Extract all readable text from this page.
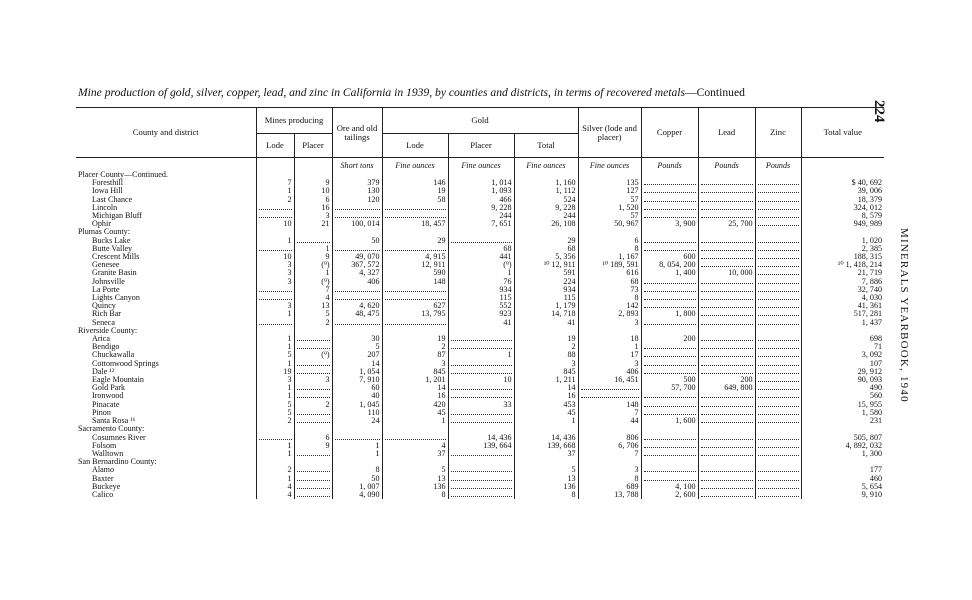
Mine production of gold, silver, copper, lead, and zinc in California in 1939, by counties and districts, in terms of recovered metals—Continued
224
MINERALS YEARBOOK, 1940
County and district	Mines producing		Ore and old tailings	Gold			Silver (lode and placer)	Copper	Lead	Zinc	Total value
	Lode	Placer		Lode	Placer	Total					
			Short tons	Fine ounces	Fine ounces	Fine ounces	Fine ounces	Pounds	Pounds	Pounds	
Placer County—Continued.											
Foresthill	7	9	379	146	1, 014	1, 160	135				$ 40, 692
Iowa Hill	1	10	130	19	1, 093	1, 112	127				39, 006
Last Chance	2	6	120	58	466	524	57				18, 379
Lincoln		16			9, 228	9, 228	1, 520				324, 012
Michigan Bluff		3			244	244	57				8, 579
Ophir	10	21	100, 014	18, 457	7, 651	26, 108	50, 967	3, 900	25, 700		949, 989
Plumas County:											
Bucks Lake	1		50	29		29	6				1, 020
Butte Valley		1			68	68	8				2, 385
Crescent Mills	10	9	49, 070	4, 915	441	5, 356	1, 167	600			188, 315
Genesee	3	(⁹)	367, 572	12, 911	(⁹)	¹⁰ 12, 911	¹⁰ 189, 591	8, 054, 200			¹⁰ 1, 418, 214
Granite Basin	3	1	4, 327	590	1	591	616	1, 400	10, 000		21, 719
Johnsville	3	(⁹)	406	148	76	224	68				7, 886
La Porte		7			934	934	73				32, 740
Lights Canyon		4			115	115	8				4, 030
Quincy	3	13	4, 620	627	552	1, 179	142				41, 361
Rich Bar	1	5	48, 475	13, 795	923	14, 718	2, 893	1, 800			517, 281
Seneca		2			41	41	3				1, 437
Riverside County:											
Arica	1		30	19		19	18	200			698
Bendigo	1		5	2		2	1				71
Chuckawalla	5	(⁹)	207	87	1	88	17				3, 092
Cottonwood Springs	1		14	3		3	3				107
Dale ¹²	19		1, 054	845		845	406				29, 912
Eagle Mountain	3	3	7, 910	1, 201	10	1, 211	16, 451	500	200		90, 093
Gold Park	1		60	14		14		57, 700	649, 800		490
Ironwood	1		40	16		16					560
Pinacate	5	2	1, 045	420	33	453	148				15, 955
Pinon	5		110	45		45	7				1, 580
Santa Rosa ¹⁶	2		24	1		1	44	1, 600			231
Sacramento County:											
Cosumnes River		6			14, 436	14, 436	806				505, 807
Folsom	1	9	1	4	139, 664	139, 668	6, 706				4, 892, 032
Walltown	1		1	37		37	7				1, 300
San Bernardino County:											
Alamo	2		8	5		5	3				177
Baxter	1		50	13		13	8				460
Buckeye	4		1, 007	136		136	689	4, 100			5, 654
Calico	4		4, 090	8		8	13, 788	2, 600			9, 910
